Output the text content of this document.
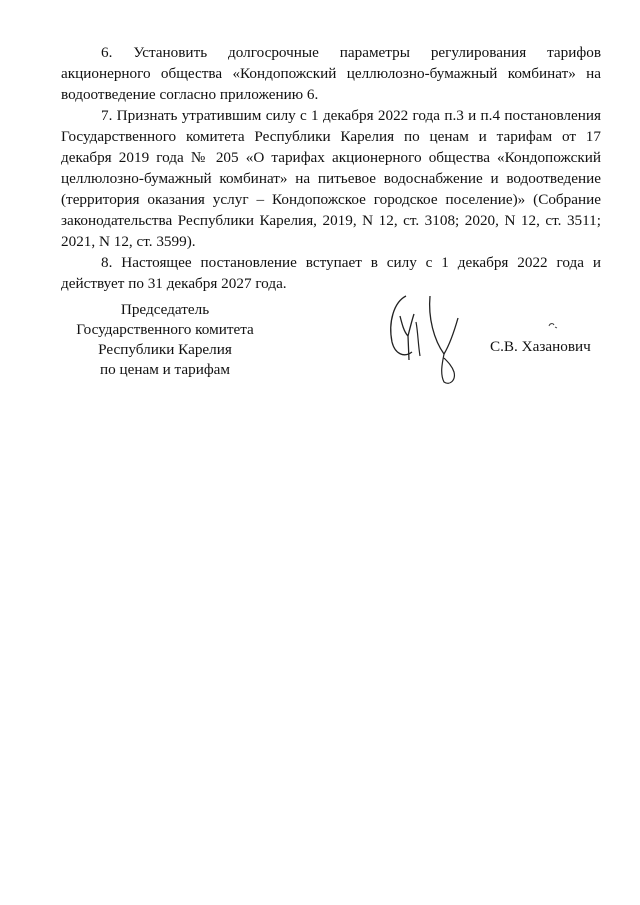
6. Установить долгосрочные параметры регулирования тарифов акционерного общества «Кондопожский целлюлозно-бумажный комбинат» на водоотведение согласно приложению 6.

7. Признать утратившим силу с 1 декабря 2022 года п.3 и п.4 постановления Государственного комитета Республики Карелия по ценам и тарифам от 17 декабря 2019 года № 205 «О тарифах акционерного общества «Кондопожский целлюлозно-бумажный комбинат» на питьевое водоснабжение и водоотведение (территория оказания услуг – Кондопожское городское поселение)» (Собрание законодательства Республики Карелия, 2019, N 12, ст. 3108; 2020, N 12, ст. 3511; 2021, N 12, ст. 3599).

8. Настоящее постановление вступает в силу с 1 декабря 2022 года и действует по 31 декабря 2027 года.

Председатель
Государственного комитета
Республики Карелия
по ценам и тарифам
С.В. Хазанович
